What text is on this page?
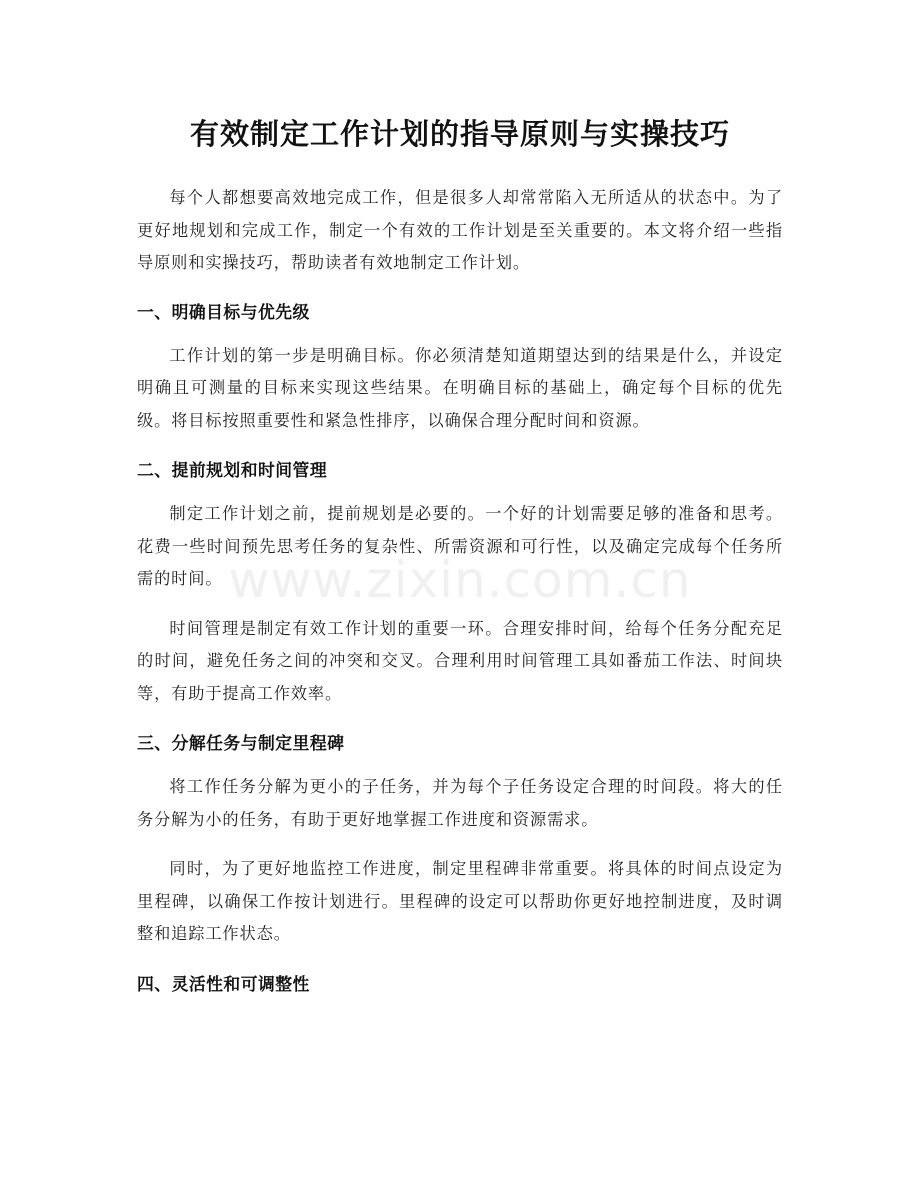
有效制定工作计划的指导原则与实操技巧

每个人都想要高效地完成工作，但是很多人却常常陷入无所适从的状态中。为了更好地规划和完成工作，制定一个有效的工作计划是至关重要的。本文将介绍一些指导原则和实操技巧，帮助读者有效地制定工作计划。

一、明确目标与优先级

工作计划的第一步是明确目标。你必须清楚知道期望达到的结果是什么，并设定明确且可测量的目标来实现这些结果。在明确目标的基础上，确定每个目标的优先级。将目标按照重要性和紧急性排序，以确保合理分配时间和资源。

二、提前规划和时间管理

制定工作计划之前，提前规划是必要的。一个好的计划需要足够的准备和思考。花费一些时间预先思考任务的复杂性、所需资源和可行性，以及确定完成每个任务所需的时间。

时间管理是制定有效工作计划的重要一环。合理安排时间，给每个任务分配充足的时间，避免任务之间的冲突和交叉。合理利用时间管理工具如番茄工作法、时间块等，有助于提高工作效率。

三、分解任务与制定里程碑

将工作任务分解为更小的子任务，并为每个子任务设定合理的时间段。将大的任务分解为小的任务，有助于更好地掌握工作进度和资源需求。

同时，为了更好地监控工作进度，制定里程碑非常重要。将具体的时间点设定为里程碑，以确保工作按计划进行。里程碑的设定可以帮助你更好地控制进度，及时调整和追踪工作状态。

四、灵活性和可调整性
www.zixin.com.cn
